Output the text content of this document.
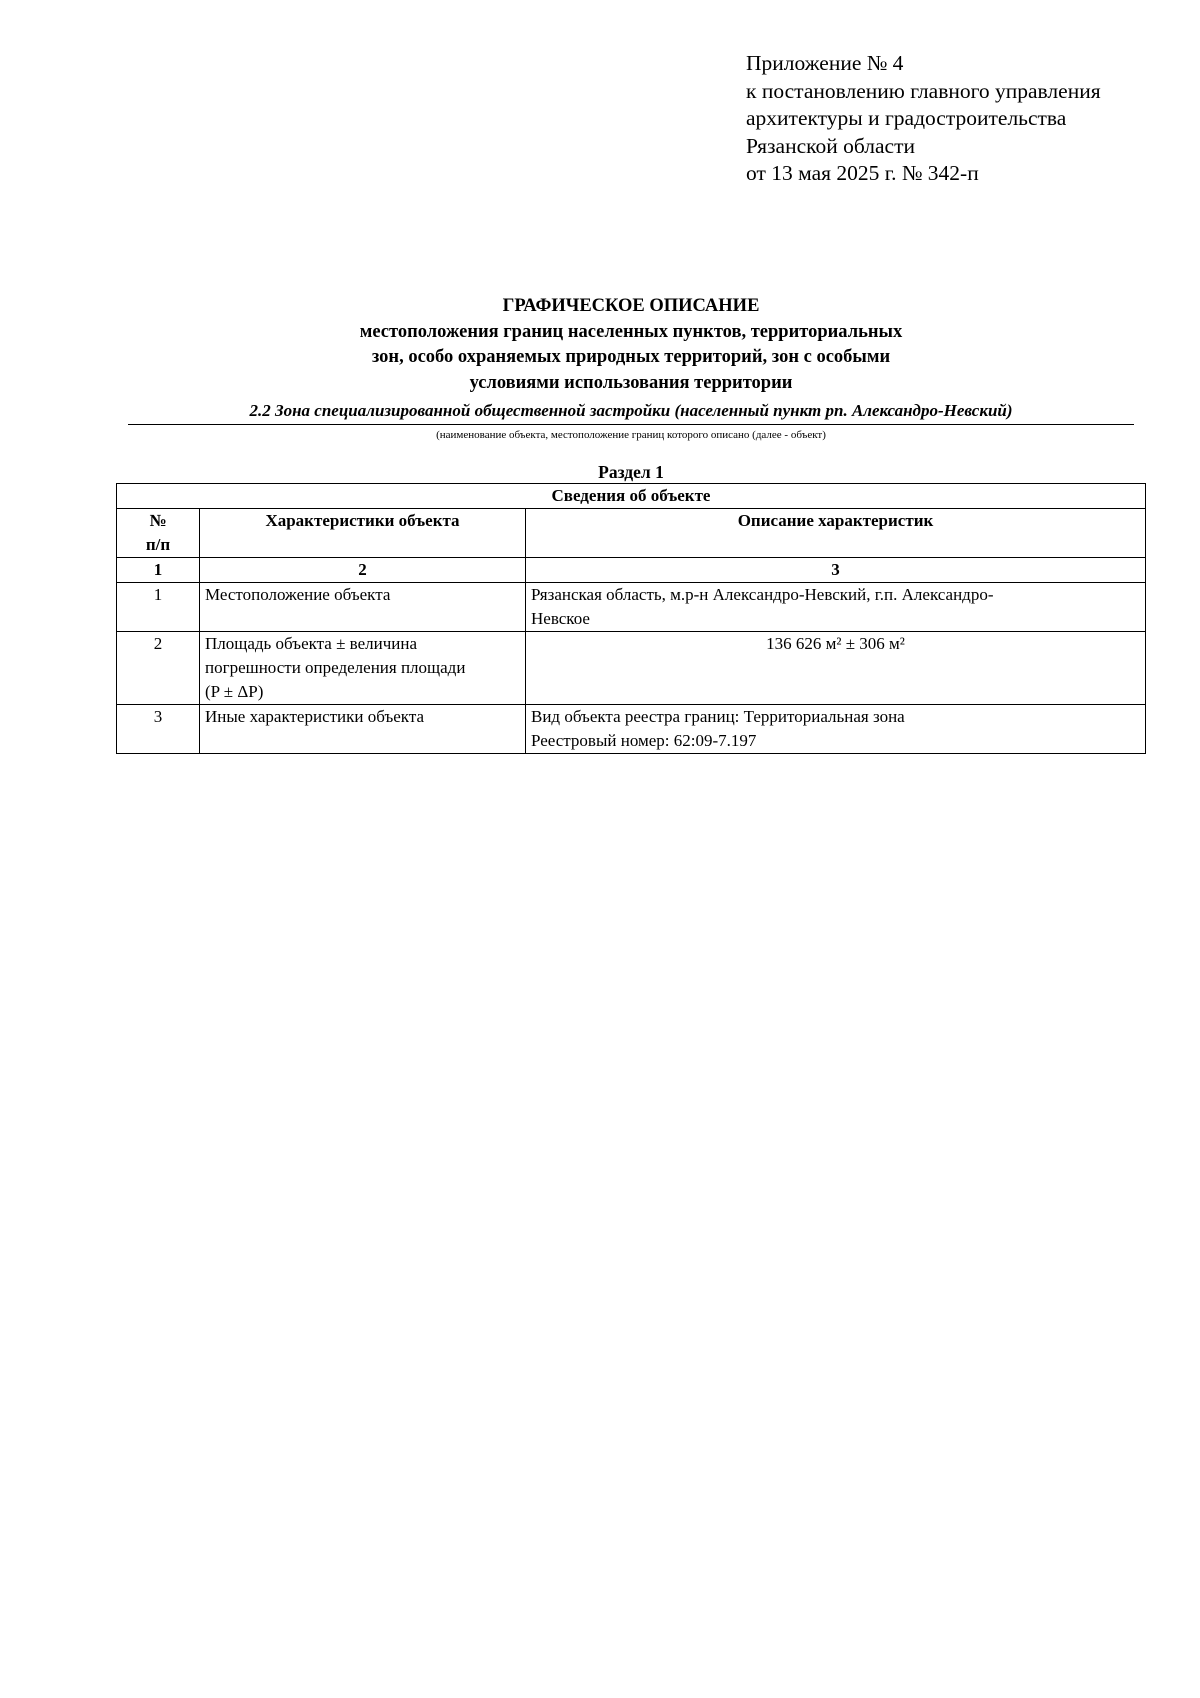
Приложение № 4
к постановлению главного управления
архитектуры и градостроительства
Рязанской области
от 13 мая 2025 г. № 342-п
ГРАФИЧЕСКОЕ ОПИСАНИЕ
местоположения границ населенных пунктов, территориальных
зон, особо охраняемых природных территорий, зон с особыми
условиями использования территории
2.2 Зона специализированной общественной застройки (населенный пункт рп. Александро-Невский)
(наименование объекта, местоположение границ которого описано (далее - объект)
Раздел 1
Сведения об объекте		

№
п/п	Характеристики объекта	Описание характеристик
1	2	3
1	Местоположение объекта	Рязанская область, м.р-н Александро-Невский, г.п. Александро-
Невское

2	Площадь объекта ± величина
погрешности определения площади
(P ± ΔP)	136 626 м² ± 306 м²

3	Иные характеристики объекта	Вид объекта реестра границ: Территориальная зона
Реестровый номер: 62:09-7.197
